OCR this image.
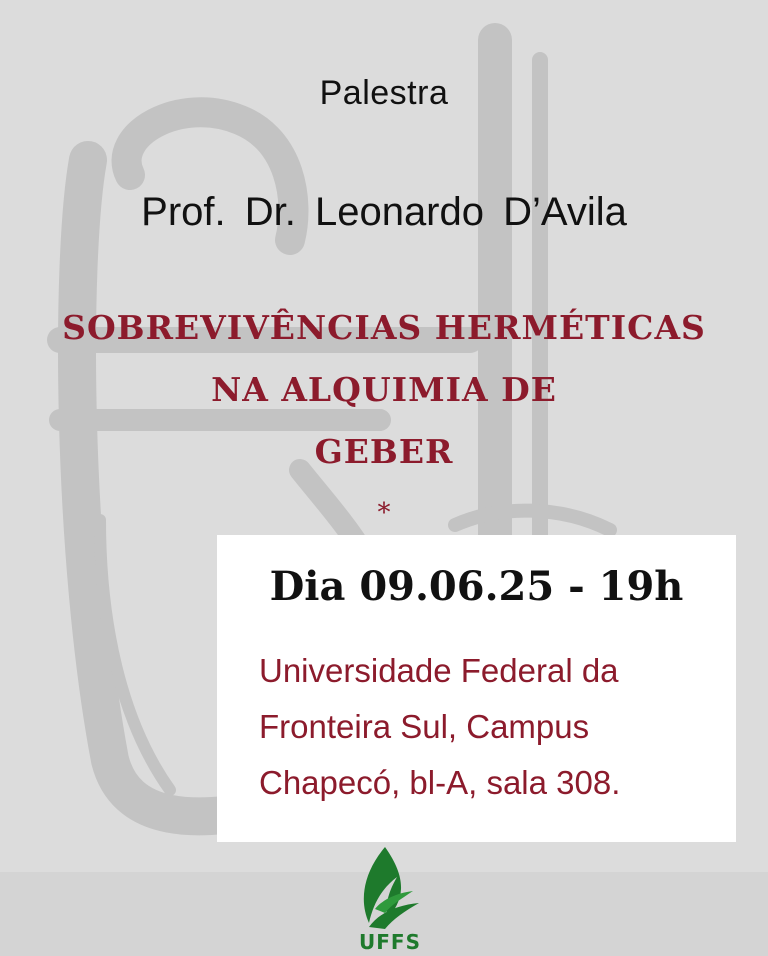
Palestra

Prof. Dr. Leonardo D’Avila

SOBREVIVÊNCIAS HERMÉTICAS
NA ALQUIMIA DE
GEBER

*

Dia 09.06.25 - 19h
Universidade Federal da
Fronteira Sul, Campus
Chapecó, bl-A, sala 308.
UFFS
